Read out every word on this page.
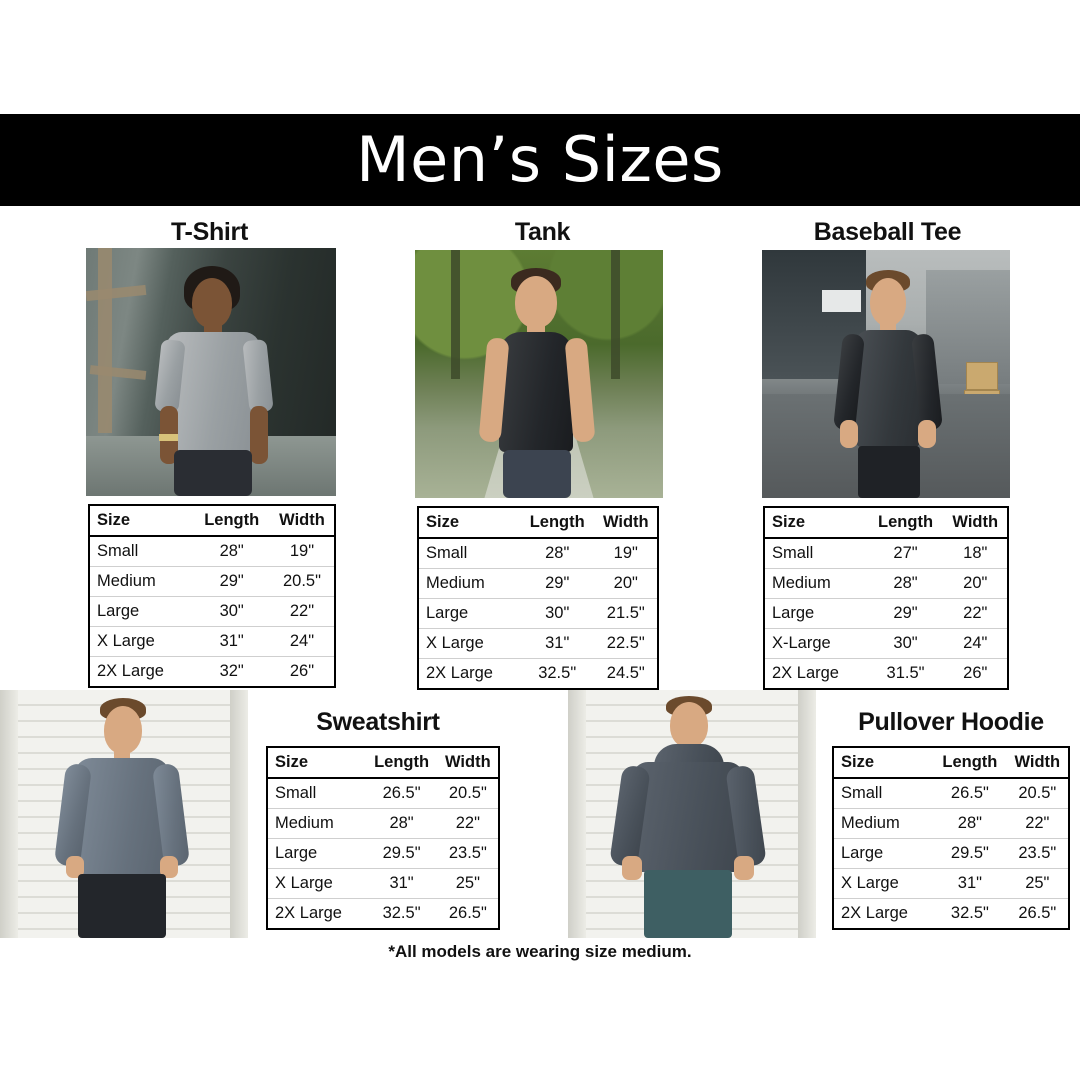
Men’s Sizes
T-Shirt
Size	Length	Width
Small	28"	19"
Medium	29"	20.5"
Large	30"	22"
X Large	31"	24"
2X Large	32"	26"
Tank
Size	Length	Width
Small	28"	19"
Medium	29"	20"
Large	30"	21.5"
X Large	31"	22.5"
2X Large	32.5"	24.5"
Baseball Tee
Size	Length	Width
Small	27"	18"
Medium	28"	20"
Large	29"	22"
X-Large	30"	24"
2X Large	31.5"	26"
Sweatshirt
Size	Length	Width
Small	26.5"	20.5"
Medium	28"	22"
Large	29.5"	23.5"
X Large	31"	25"
2X Large	32.5"	26.5"
Pullover Hoodie
Size	Length	Width
Small	26.5"	20.5"
Medium	28"	22"
Large	29.5"	23.5"
X Large	31"	25"
2X Large	32.5"	26.5"
*All models are wearing size medium.
